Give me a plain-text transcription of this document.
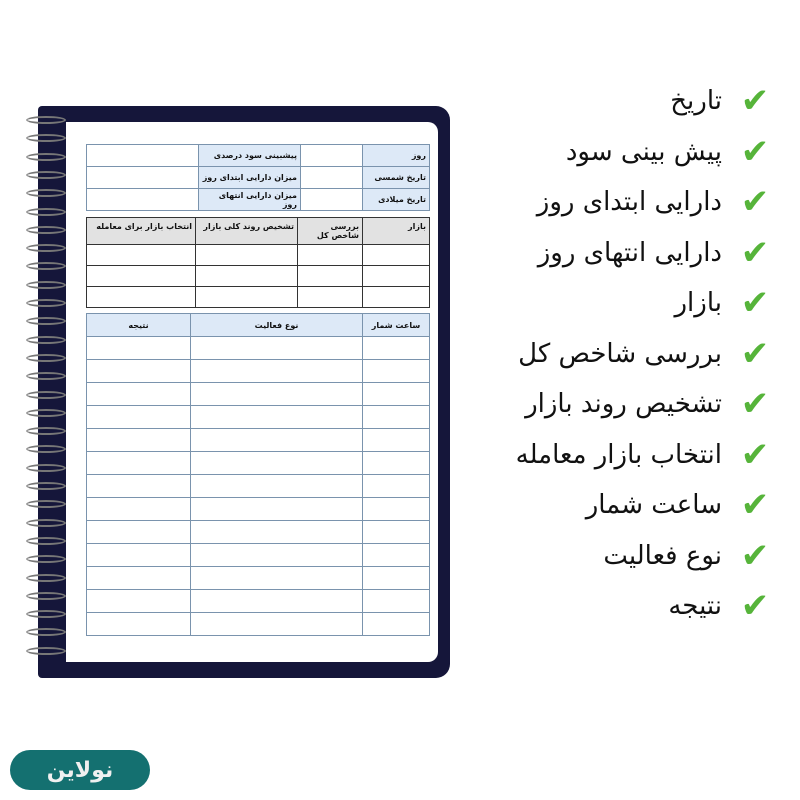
روز		پیشبینی سود درصدی	
تاریخ شمسی		میزان دارایی ابتدای روز	
تاریخ میلادی		میزان دارایی انتهای روز	
بازار	بررسی شاخص کل	تشخیص روند کلی بازار	انتخاب بازار برای معامله

ساعت شمار	نوع فعالیت	نتیجه

✔
تاریخ
✔
پیش بینی سود
✔
دارایی ابتدای روز
✔
دارایی انتهای روز
✔
بازار
✔
بررسی شاخص کل
✔
تشخیص روند بازار
✔
انتخاب بازار معامله
✔
ساعت شمار
✔
نوع فعالیت
✔
نتیجه
نولاین
